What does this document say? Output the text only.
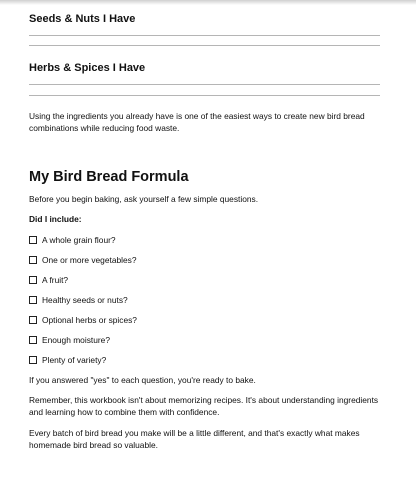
Seeds & Nuts I Have
Herbs & Spices I Have
Using the ingredients you already have is one of the easiest ways to create new bird bread combinations while reducing food waste.
My Bird Bread Formula
Before you begin baking, ask yourself a few simple questions.
Did I include:
A whole grain flour?
One or more vegetables?
A fruit?
Healthy seeds or nuts?
Optional herbs or spices?
Enough moisture?
Plenty of variety?
If you answered "yes" to each question, you're ready to bake.
Remember, this workbook isn't about memorizing recipes. It's about understanding ingredients and learning how to combine them with confidence.
Every batch of bird bread you make will be a little different, and that's exactly what makes homemade bird bread so valuable.
